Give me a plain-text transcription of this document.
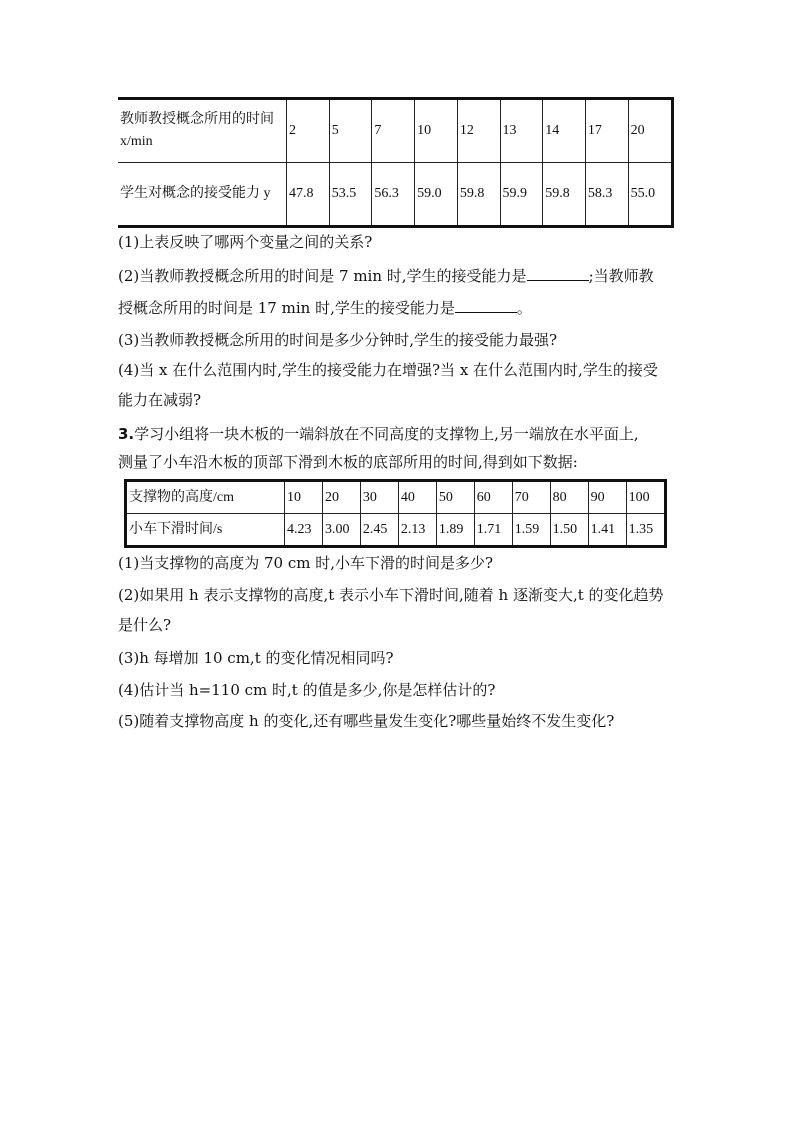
教师教授概念所用的时间 x/min	2	5	7	10	12	13	14	17	20
学生对概念的接受能力 y	47.8	53.5	56.3	59.0	59.8	59.9	59.8	58.3	55.0
(1)上表反映了哪两个变量之间的关系?
(2)当教师教授概念所用的时间是 7 min 时,学生的接受能力是	;当教师教
授概念所用的时间是 17 min 时,学生的接受能力是	。
(3)当教师教授概念所用的时间是多少分钟时,学生的接受能力最强?
(4)当 x 在什么范围内时,学生的接受能力在增强?当 x 在什么范围内时,学生的接受
能力在减弱?
3.学习小组将一块木板的一端斜放在不同高度的支撑物上,另一端放在水平面上,
测量了小车沿木板的顶部下滑到木板的底部所用的时间,得到如下数据:
支撑物的高度/cm	10	20	30	40	50	60	70	80	90	100
小车下滑时间/s	4.23	3.00	2.45	2.13	1.89	1.71	1.59	1.50	1.41	1.35
(1)当支撑物的高度为 70 cm 时,小车下滑的时间是多少?
(2)如果用 h 表示支撑物的高度,t 表示小车下滑时间,随着 h 逐渐变大,t 的变化趋势
是什么?
(3)h 每增加 10 cm,t 的变化情况相同吗?
(4)估计当 h=110 cm 时,t 的值是多少,你是怎样估计的?
(5)随着支撑物高度 h 的变化,还有哪些量发生变化?哪些量始终不发生变化?
